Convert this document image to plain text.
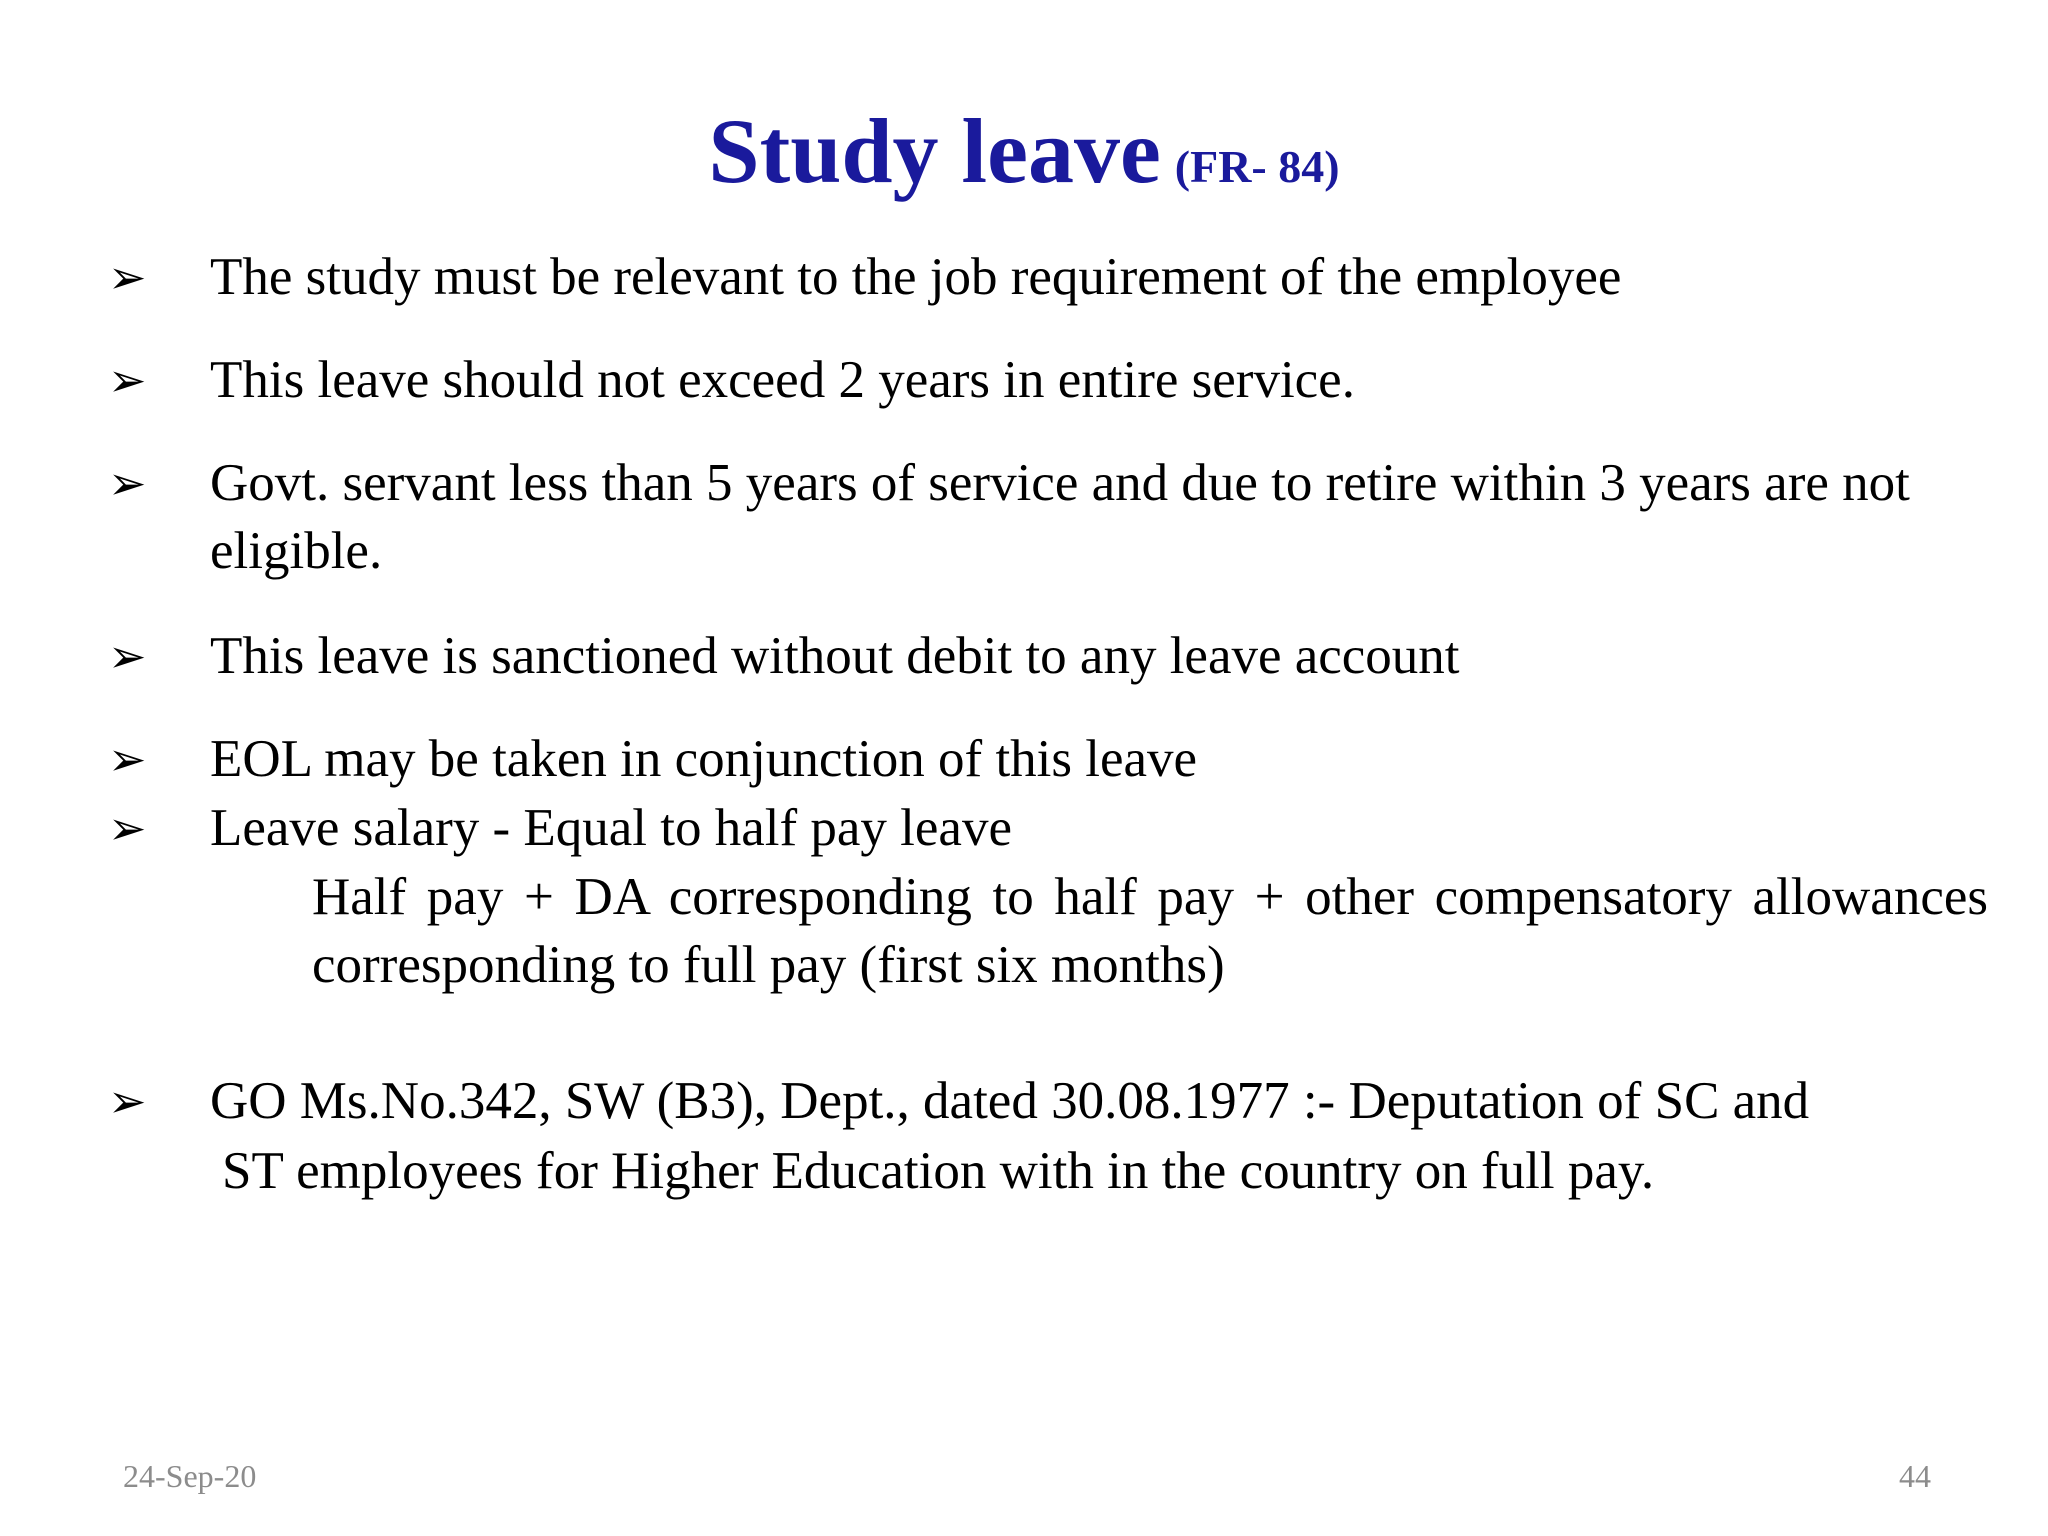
Study leave (FR- 84)
➢ The study must be relevant to the job requirement of the employee
➢ This leave should not exceed 2 years in entire service.
➢ Govt. servant less than 5 years of service and due to retire within 3 years are not eligible.
➢ This leave is sanctioned without debit to any leave account
➢ EOL may be taken in conjunction of this leave
➢ Leave salary - Equal to half pay leave
Half pay + DA corresponding to half pay + other compensatory allowances corresponding to full pay (first six months)
➢ GO Ms.No.342, SW (B3), Dept., dated 30.08.1977 :- Deputation of SC and
ST employees for Higher Education with in the country on full pay.
24-Sep-20	44
